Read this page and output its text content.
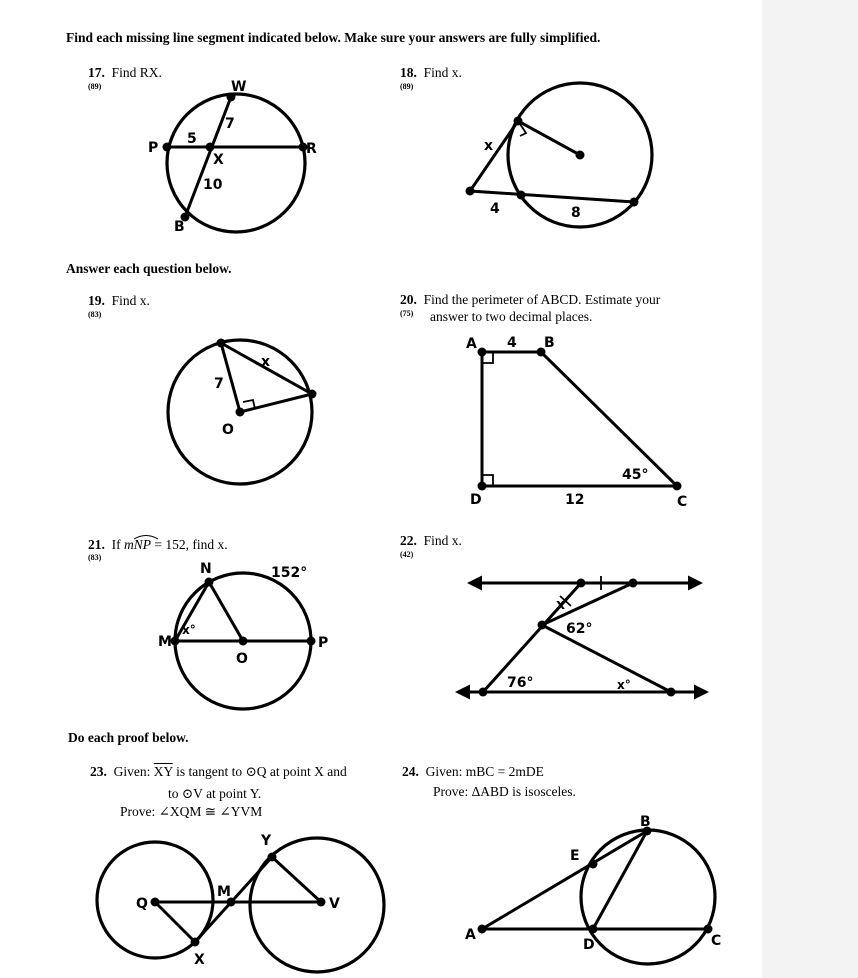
Find each missing line segment indicated below. Make sure your answers are fully simplified.
17. Find RX.
(89)
18. Find x.
(89)
Answer each question below.
19. Find x.
(83)
20. Find the perimeter of ABCD. Estimate your
answer to two decimal places.
(75)
21. If mNP
= 152, find x.
(83)
22. Find x.
(42)
Do each proof below.
23. Given: $\overline{XY}$ is tangent to ⊙Q at point X and
to ⊙V at point Y.
Prove: ∠XQM ≅ ∠YVM
24. Given: mBC = 2mDE
Prove: ΔABD is isosceles.
W
P	R
X
B
5
7
10
x
4	8
x
7
O
A	B
C
D
4
12
45°
N
M
O
P
152°
x°
x
62°
76°	x°
Q
M
Y
V
X
B
E
A
D	C
